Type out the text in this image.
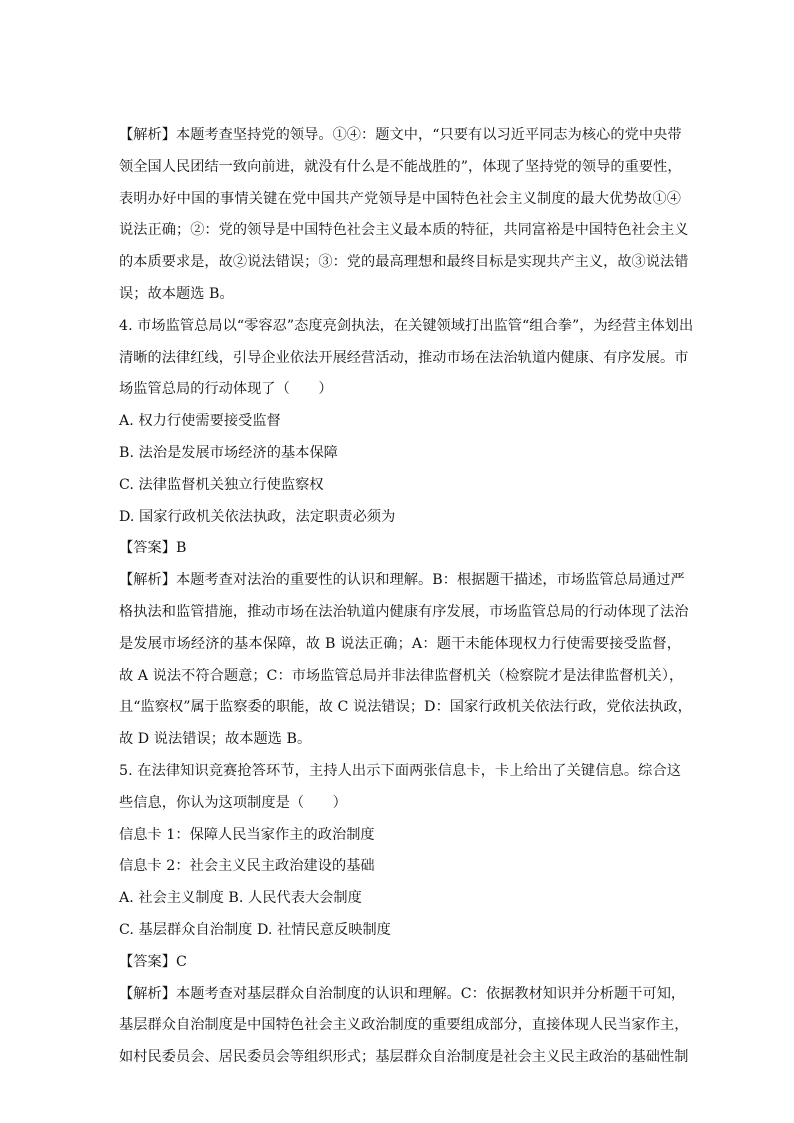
【解析】本题考查坚持党的领导。①④：题文中，“只要有以习近平同志为核心的党中央带
领全国人民团结一致向前进，就没有什么是不能战胜的”，体现了坚持党的领导的重要性，
表明办好中国的事情关键在党中国共产党领导是中国特色社会主义制度的最大优势故①④
说法正确；②：党的领导是中国特色社会主义最本质的特征，共同富裕是中国特色社会主义
的本质要求是，故②说法错误；③：党的最高理想和最终目标是实现共产主义，故③说法错
误；故本题选 B。
4. 市场监管总局以“零容忍”态度亮剑执法，在关键领域打出监管“组合拳”，为经营主体划出
清晰的法律红线，引导企业依法开展经营活动，推动市场在法治轨道内健康、有序发展。市
场监管总局的行动体现了（　　）
A. 权力行使需要接受监督
B. 法治是发展市场经济的基本保障
C. 法律监督机关独立行使监察权
D. 国家行政机关依法执政，法定职责必须为
【答案】B
【解析】本题考查对法治的重要性的认识和理解。B：根据题干描述，市场监管总局通过严
格执法和监管措施，推动市场在法治轨道内健康有序发展，市场监管总局的行动体现了法治
是发展市场经济的基本保障，故 B 说法正确；A：题干未能体现权力行使需要接受监督，
故 A 说法不符合题意；C：市场监管总局并非法律监督机关（检察院才是法律监督机关），
且“监察权”属于监察委的职能，故 C 说法错误；D：国家行政机关依法行政，党依法执政，
故 D 说法错误；故本题选 B。
5. 在法律知识竞赛抢答环节，主持人出示下面两张信息卡，卡上给出了关键信息。综合这
些信息，你认为这项制度是（　　）
信息卡 1：保障人民当家作主的政治制度
信息卡 2：社会主义民主政治建设的基础
A. 社会主义制度 B. 人民代表大会制度
C. 基层群众自治制度 D. 社情民意反映制度
【答案】C
【解析】本题考查对基层群众自治制度的认识和理解。C：依据教材知识并分析题干可知，
基层群众自治制度是中国特色社会主义政治制度的重要组成部分，直接体现人民当家作主，
如村民委员会、居民委员会等组织形式；基层群众自治制度是社会主义民主政治的基础性制
